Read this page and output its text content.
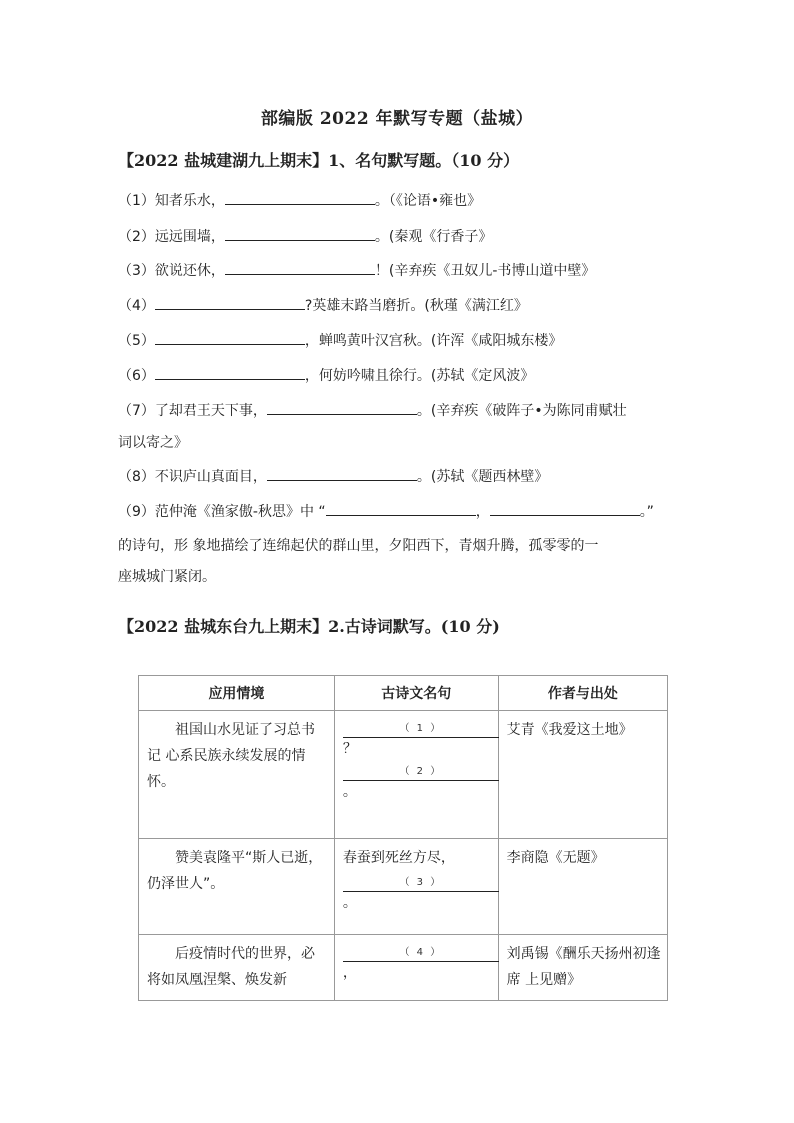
部编版 2022 年默写专题（盐城）
【2022 盐城建湖九上期末】1、名句默写题。（10 分）
（1）知者乐水，	。（《论语•雍也》
（2）远远围墙，	。(秦观《行香子》
（3）欲说还休，	！(辛弃疾《丑奴儿-书博山道中壁》
（4）	?英雄末路当磨折。(秋瑾《满江红》
（5）	，蝉鸣黄叶汉宫秋。(许浑《咸阳城东楼》
（6）	，何妨吟啸且徐行。(苏轼《定风波》
（7）了却君王天下事，	。(辛弃疾《破阵子•为陈同甫赋壮
词以寄之》
（8）不识庐山真面目，	。(苏轼《题西林壁》
（9）范仲淹《渔家傲-秋思》中 “	，	。”
的诗句，形 象地描绘了连绵起伏的群山里，夕阳西下，青烟升腾，孤零零的一
座城城门紧闭。
【2022 盐城东台九上期末】2.古诗词默写。(10 分)
应用情境	古诗文名句	作者与出处
祖国山水见证了习总书记 心系民族永续发展的情怀。	（ 1 ）
？
（ 2 ）
。	艾青《我爱这土地》
赞美袁隆平“斯人已逝，仍泽世人”。	春蚕到死丝方尽，
（ 3 ）
。	李商隐《无题》
后疫情时代的世界，必 将如凤凰涅槃、焕发新	（ 4 ）
，	刘禹锡《酬乐天扬州初逢席 上见赠》
